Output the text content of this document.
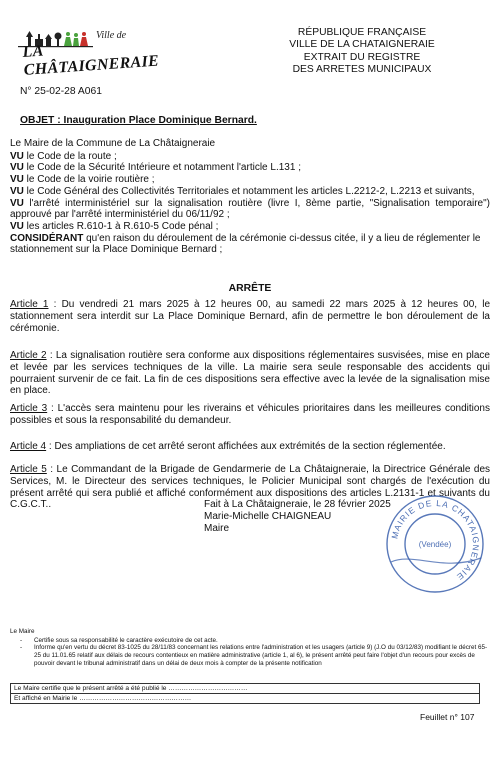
Ville de
LA CHÂTAIGNERAIE
RÉPUBLIQUE FRANÇAISE
VILLE DE LA CHATAIGNERAIE
EXTRAIT DU REGISTRE
DES ARRETES MUNICIPAUX
N° 25-02-28 A061
OBJET : Inauguration Place Dominique Bernard.

Le Maire de la Commune de La Châtaigneraie

VU le Code de la route ;

VU le Code de la Sécurité Intérieure et notamment l'article L.131 ;

VU le Code de la voirie routière ;

VU le Code Général des Collectivités Territoriales et notamment les articles L.2212-2, L.2213 et suivants,

VU l'arrêté interministériel sur la signalisation routière (livre I, 8ème partie, "Signalisation temporaire") approuvé par l'arrêté interministériel du 06/11/92 ;

VU les articles R.610-1 à R.610-5 Code pénal ;

CONSIDÉRANT qu'en raison du déroulement de la cérémonie ci-dessus citée, il y a lieu de réglementer le stationnement sur la Place Dominique Bernard ;

ARRÊTE
Article 1 : Du vendredi 21 mars 2025 à 12 heures 00, au samedi 22 mars 2025 à 12 heures 00, le stationnement sera interdit sur La Place Dominique Bernard, afin de permettre le bon déroulement de la cérémonie.
Article 2 : La signalisation routière sera conforme aux dispositions réglementaires susvisées, mise en place et levée par les services techniques de la ville. La mairie sera seule responsable des accidents qui pourraient survenir de ce fait. La fin de ces dispositions sera effective avec la levée de la signalisation mise en place.
Article 3 : L'accès sera maintenu pour les riverains et véhicules prioritaires dans les meilleures conditions possibles et sous la responsabilité du demandeur.
Article 4 : Des ampliations de cet arrêté seront affichées aux extrémités de la section réglementée.
Article 5 : Le Commandant de la Brigade de Gendarmerie de La Châtaigneraie, la Directrice Générale des Services, M. le Directeur des services techniques, le Policier Municipal sont chargés de l'exécution du présent arrêté qui sera publié et affiché conformément aux dispositions des articles L.2131-1 et suivants du C.G.C.T..	Fait à La Châtaigneraie, le 28 février 2025
Marie-Michelle CHAIGNEAU
Maire
MAIRIE DE LA CHATAIGNERAIE
(Vendée)
Le Maire
- Certifie sous sa responsabilité le caractère exécutoire de cet acte.
- Informe qu'en vertu du décret 83-1025 du 28/11/83 concernant les relations entre l'administration et les usagers (article 9) (J.O du 03/12/83) modifiant le décret 65-25 du 11.01.65 relatif aux délais de recours contentieux en matière administrative (article 1, al 6), le présent arrêté peut faire l'objet d'un recours pour excès de pouvoir devant le tribunal administratif dans un délai de deux mois à compter de la présente notification
Le Maire certifie que le présent arrêté a été publié le ………………………………
Et affiché en Mairie le ……………………………………………
Feuillet n° 107
